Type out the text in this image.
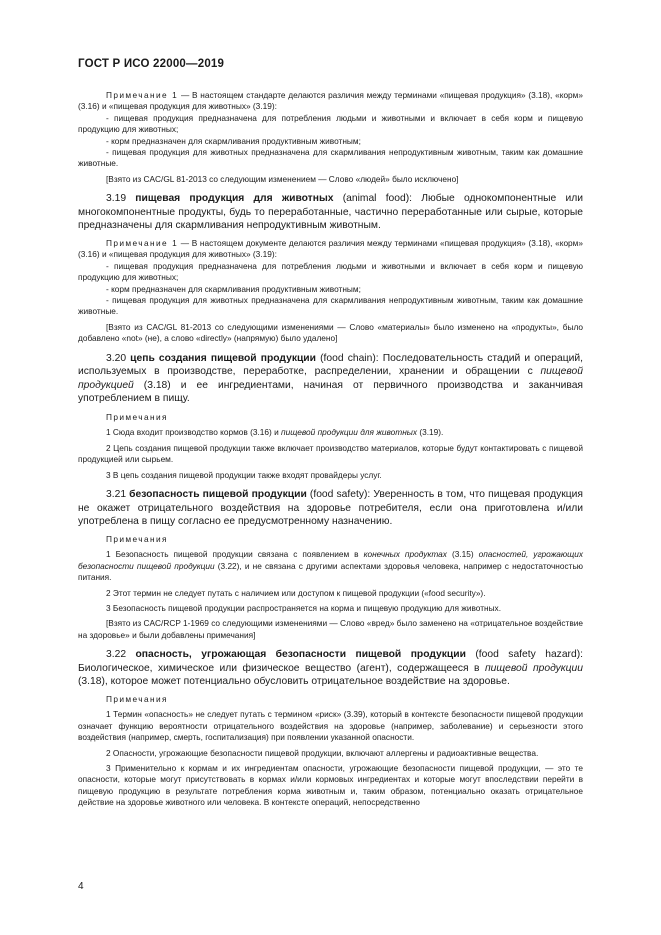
ГОСТ Р ИСО 22000—2019

Примечание 1 — В настоящем стандарте делаются различия между терминами «пищевая продукция» (3.18), «корм» (3.16) и «пищевая продукция для животных» (3.19):

- пищевая продукция предназначена для потребления людьми и животными и включает в себя корм и пищевую продукцию для животных;

- корм предназначен для скармливания продуктивным животным;

- пищевая продукция для животных предназначена для скармливания непродуктивным животным, таким как домашние животные.

[Взято из CAC/GL 81-2013 со следующим изменением — Слово «людей» было исключено]

3.19 пищевая продукция для животных (animal food): Любые однокомпонентные или многокомпонентные продукты, будь то переработанные, частично переработанные или сырые, которые предназначены для скармливания непродуктивным животным.

Примечание 1 — В настоящем документе делаются различия между терминами «пищевая продукция» (3.18), «корм» (3.16) и «пищевая продукция для животных» (3.19):

- пищевая продукция предназначена для потребления людьми и животными и включает в себя корм и пищевую продукцию для животных;

- корм предназначен для скармливания продуктивным животным;

- пищевая продукция для животных предназначена для скармливания непродуктивным животным, таким как домашние животные.

[Взято из CAC/GL 81-2013 со следующими изменениями — Слово «материалы» было изменено на «продукты», было добавлено «not» (не), а слово «directly» (напрямую) было удалено]

3.20 цепь создания пищевой продукции (food chain): Последовательность стадий и операций, используемых в производстве, переработке, распределении, хранении и обращении с пищевой продукцией (3.18) и ее ингредиентами, начиная от первичного производства и заканчивая употреблением в пищу.

Примечания

1 Сюда входит производство кормов (3.16) и пищевой продукции для животных (3.19).

2 Цепь создания пищевой продукции также включает производство материалов, которые будут контактировать с пищевой продукцией или сырьем.

3 В цепь создания пищевой продукции также входят провайдеры услуг.

3.21 безопасность пищевой продукции (food safety): Уверенность в том, что пищевая продукция не окажет отрицательного воздействия на здоровье потребителя, если она приготовлена и/или употреблена в пищу согласно ее предусмотренному назначению.

Примечания

1 Безопасность пищевой продукции связана с появлением в конечных продуктах (3.15) опасностей, угрожающих безопасности пищевой продукции (3.22), и не связана с другими аспектами здоровья человека, например с недостаточностью питания.

2 Этот термин не следует путать с наличием или доступом к пищевой продукции («food security»).

3 Безопасность пищевой продукции распространяется на корма и пищевую продукцию для животных.

[Взято из CAC/RCP 1-1969 со следующими изменениями — Слово «вред» было заменено на «отрицательное воздействие на здоровье» и были добавлены примечания]

3.22 опасность, угрожающая безопасности пищевой продукции (food safety hazard): Биологическое, химическое или физическое вещество (агент), содержащееся в пищевой продукции (3.18), которое может потенциально обусловить отрицательное воздействие на здоровье.

Примечания

1 Термин «опасность» не следует путать с термином «риск» (3.39), который в контексте безопасности пищевой продукции означает функцию вероятности отрицательного воздействия на здоровье (например, заболевание) и серьезности этого воздействия (например, смерть, госпитализация) при появлении указанной опасности.

2 Опасности, угрожающие безопасности пищевой продукции, включают аллергены и радиоактивные вещества.

3 Применительно к кормам и их ингредиентам опасности, угрожающие безопасности пищевой продукции, — это те опасности, которые могут присутствовать в кормах и/или кормовых ингредиентах и которые могут впоследствии перейти в пищевую продукцию в результате потребления корма животным и, таким образом, потенциально оказать отрицательное действие на здоровье животного или человека. В контексте операций, непосредственно

4
